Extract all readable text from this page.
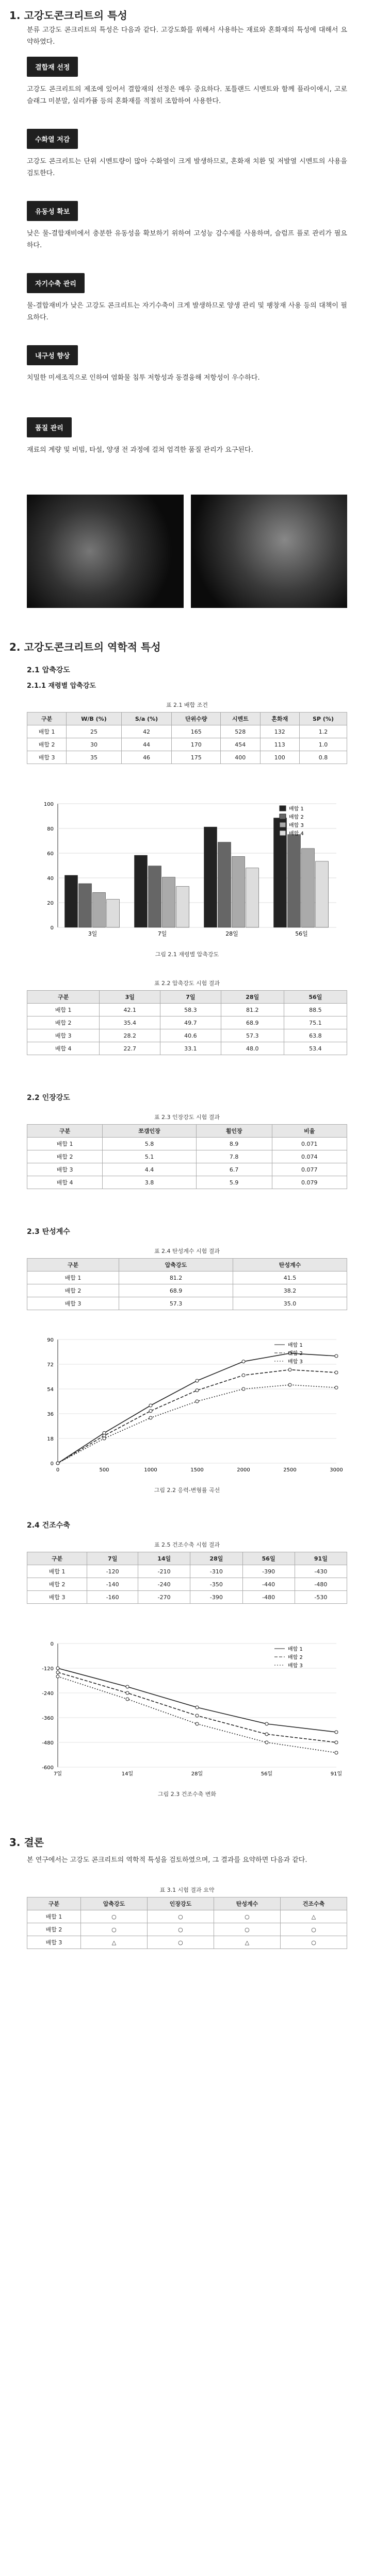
1. 고강도콘크리트의 특성

분류 고강도 콘크리트의 특성은 다음과 같다. 고강도화를 위해서 사용하는 재료와 혼화재의 특성에 대해서 요약하였다.

결합재 선정

고강도 콘크리트의 제조에 있어서 결합재의 선정은 매우 중요하다. 포틀랜드 시멘트와 함께 플라이애시, 고로슬래그 미분말, 실리카퓸 등의 혼화재를 적절히 조합하여 사용한다.

수화열 저감

고강도 콘크리트는 단위 시멘트량이 많아 수화열이 크게 발생하므로, 혼화재 치환 및 저발열 시멘트의 사용을 검토한다.

유동성 확보

낮은 물-결합재비에서 충분한 유동성을 확보하기 위하여 고성능 감수제를 사용하며, 슬럼프 플로 관리가 필요하다.

자기수축 관리

물-결합재비가 낮은 고강도 콘크리트는 자기수축이 크게 발생하므로 양생 관리 및 팽창재 사용 등의 대책이 필요하다.

내구성 향상

치밀한 미세조직으로 인하여 염화물 침투 저항성과 동결융해 저항성이 우수하다.

품질 관리

재료의 계량 및 비빔, 타설, 양생 전 과정에 걸쳐 엄격한 품질 관리가 요구된다.

2. 고강도콘크리트의 역학적 특성
2.1 압축강도
2.1.1 재령별 압축강도
표 2.1 배합 조건
구분	W/B (%)	S/a (%)	단위수량	시멘트	혼화재	SP (%)
배합 1	25	42	165	528	132	1.2
배합 2	30	44	170	454	113	1.0
배합 3	35	46	175	400	100	0.8
0
20
40
60
80
100
3일	7일	28일	56일
배합 1
배합 2
배합 3
배합 4
그림 2.1 재령별 압축강도
표 2.2 압축강도 시험 결과
구분	3일	7일	28일	56일
배합 1	42.1	58.3	81.2	88.5
배합 2	35.4	49.7	68.9	75.1
배합 3	28.2	40.6	57.3	63.8
배합 4	22.7	33.1	48.0	53.4
2.2 인장강도
표 2.3 인장강도 시험 결과
구분	쪼갬인장	휨인장	비율
배합 1	5.8	8.9	0.071
배합 2	5.1	7.8	0.074
배합 3	4.4	6.7	0.077
배합 4	3.8	5.9	0.079
2.3 탄성계수
표 2.4 탄성계수 시험 결과
구분	압축강도	탄성계수
배합 1	81.2	41.5
배합 2	68.9	38.2
배합 3	57.3	35.0
0
18
36
54
72
90
0	500	1000	1500	2000	2500	3000
배합 1
배합 2
배합 3
그림 2.2 응력-변형률 곡선
2.4 건조수축
표 2.5 건조수축 시험 결과
구분	7일	14일	28일	56일	91일
배합 1	-120	-210	-310	-390	-430
배합 2	-140	-240	-350	-440	-480
배합 3	-160	-270	-390	-480	-530
-600
-480
-360
-240
-120
0
7일	14일	28일	56일	91일
배합 1
배합 2
배합 3
그림 2.3 건조수축 변화
3. 결론

본 연구에서는 고강도 콘크리트의 역학적 특성을 검토하였으며, 그 결과를 요약하면 다음과 같다.

표 3.1 시험 결과 요약
구분	압축강도	인장강도	탄성계수	건조수축
배합 1	○	○	○	△
배합 2	○	○	○	○
배합 3	△	○	△	○
